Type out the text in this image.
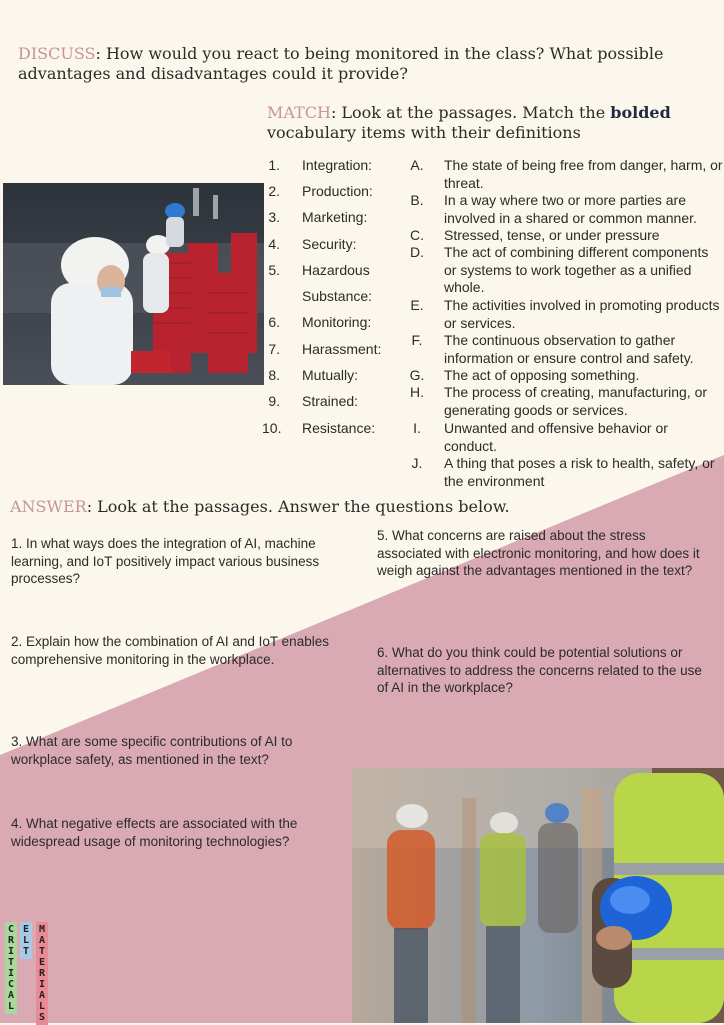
DISCUSS: How would you react to being monitored in the class? What possible advantages and disadvantages could it provide?
MATCH: Look at the passages. Match the bolded vocabulary items with their definitions
1. Integration:
2. Production:
3. Marketing:
4. Security:
5. Hazardous
Substance:
6. Monitoring:
7. Harassment:
8. Mutually:
9. Strained:
10. Resistance:
A.	The state of being free from danger, harm, or threat.
B.	In a way where two or more parties are involved in a shared or common manner.
C. Stressed, tense, or under pressure
D. The act of combining different components or systems to work together as a unified whole.
E.	The activities involved in promoting products or services.
F.	The continuous observation to gather information or ensure control and safety.
G. The act of opposing something.
H. The process of creating, manufacturing, or generating goods or services.
I.	Unwanted and offensive behavior or conduct.
J.	A thing that poses a risk to health, safety, or the environment
ANSWER: Look at the passages. Answer the questions below.
1. In what ways does the integration of AI, machine learning, and IoT positively impact various business processes?
2. Explain how the combination of AI and IoT enables comprehensive monitoring in the workplace.
3. What are some specific contributions of AI to workplace safety, as mentioned in the text?
4. What negative effects are associated with the widespread usage of monitoring technologies?
5. What concerns are raised about the stress associated with electronic monitoring, and how does it weigh against the advantages mentioned in the text?
6. What do you think could be potential solutions or alternatives to address the concerns related to the use of AI in the workplace?
CRITICAL
ELT
MATERIALS
